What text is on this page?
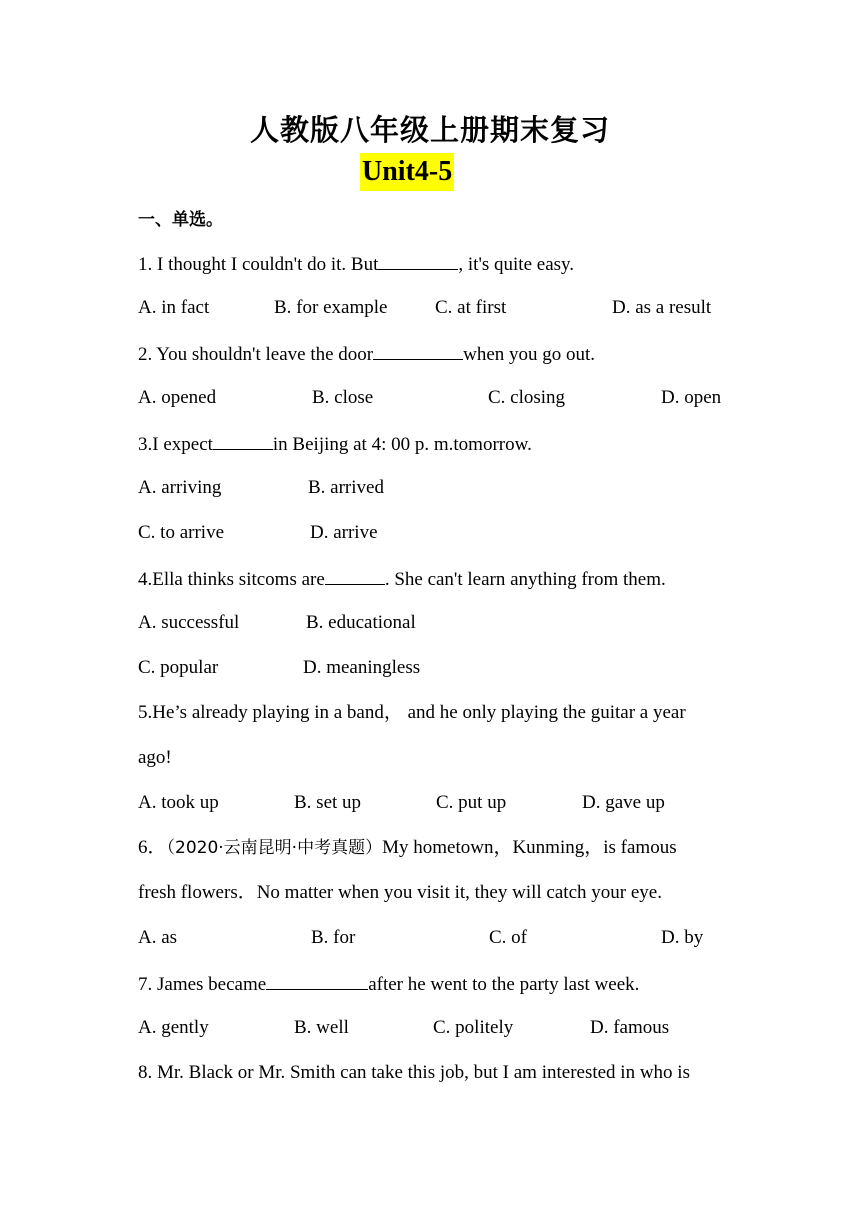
人教版八年级上册期末复习
Unit4-5
一、单选。
1. I thought I couldn't do it. But	, it's quite easy.
A. in fact	B. for example	C. at first	D. as a result
2. You shouldn't leave the door	when you go out.
A. opened	B. close	C. closing	D. open
3.I expect	in Beijing at 4: 00 p. m.tomorrow.
A. arriving	B. arrived
C. to arrive	D. arrive
4.Ella thinks sitcoms are	. She can't learn anything from them.
A. successful	B. educational
C. popular	D. meaningless
5.He’s already playing in a band， and he only playing the guitar a year
ago!
A. took up	B. set up	C. put up	D. gave up
6．（2020·云南昆明·中考真题）My hometown，Kunming，is famous
fresh flowers．No matter when you visit it, they will catch your eye.
A. as	B. for	C. of	D. by
7. James became	after he went to the party last week.
A. gently	B. well	C. politely	D. famous
8. Mr. Black or Mr. Smith can take this job, but I am interested in who is
